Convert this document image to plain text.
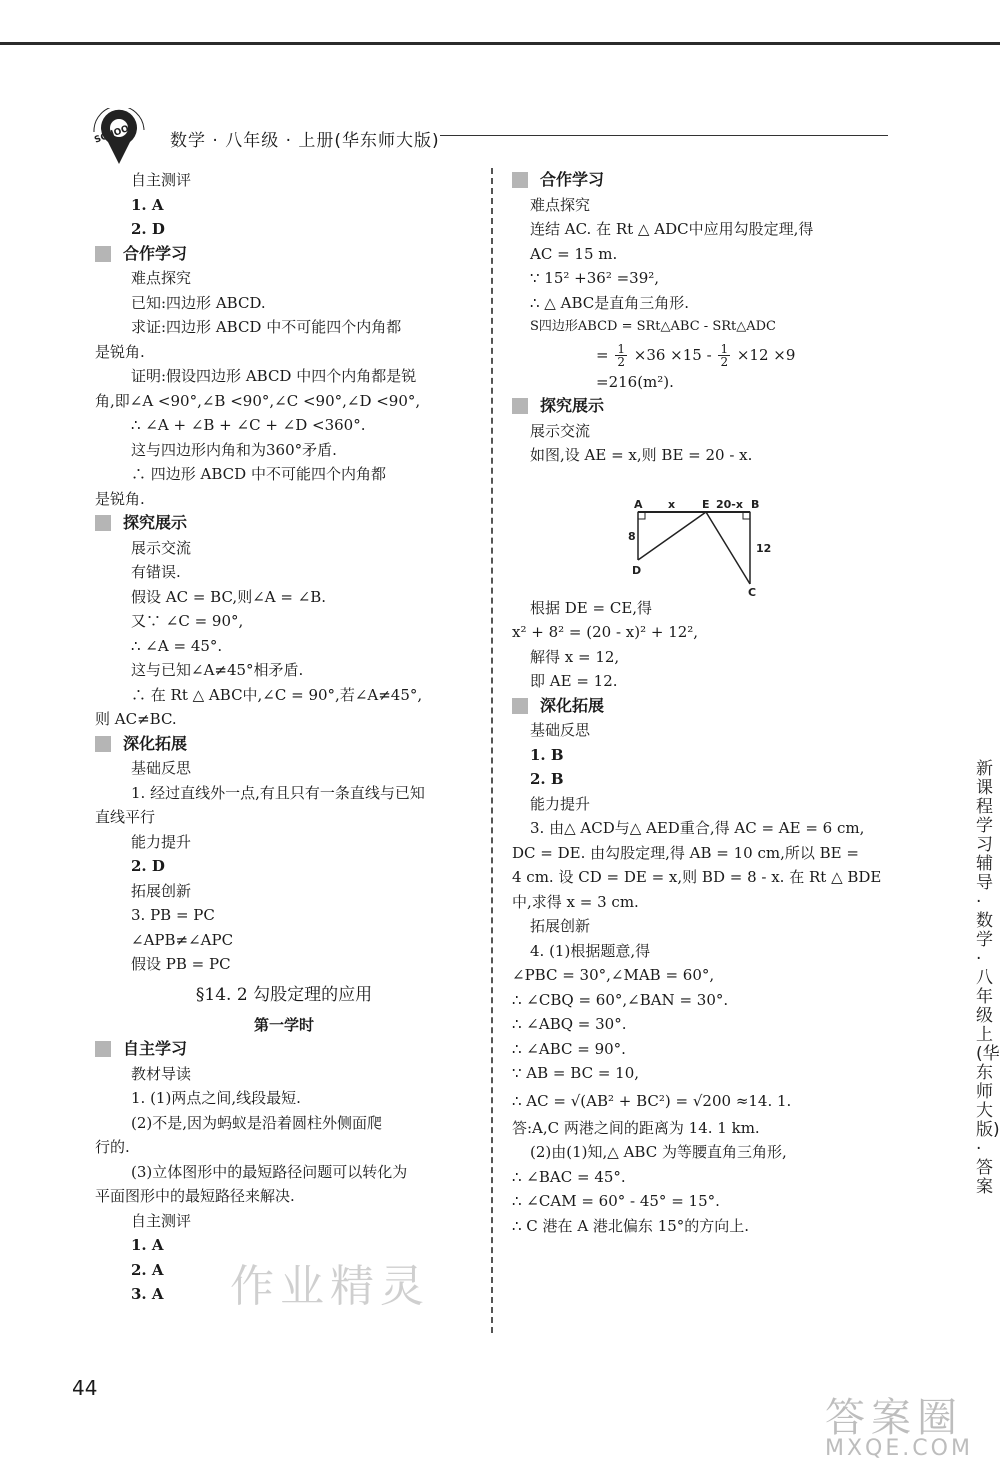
SCHOOL 数学 · 八年级 · 上册(华东师大版)
自主测评
1. A
2. D
合作学习
难点探究
已知:四边形 ABCD.
求证:四边形 ABCD 中不可能四个内角都
是锐角.
证明:假设四边形 ABCD 中四个内角都是锐
角,即∠A <90°,∠B <90°,∠C <90°,∠D <90°,
∴ ∠A + ∠B + ∠C + ∠D <360°.
这与四边形内角和为360°矛盾.
∴ 四边形 ABCD 中不可能四个内角都
是锐角.
探究展示
展示交流
有错误.
假设 AC = BC,则∠A = ∠B.
又∵ ∠C = 90°,
∴ ∠A = 45°.
这与已知∠A≠45°相矛盾.
∴ 在 Rt △ ABC中,∠C = 90°,若∠A≠45°,
则 AC≠BC.
深化拓展
基础反思
1. 经过直线外一点,有且只有一条直线与已知
直线平行
能力提升
2. D
拓展创新
3. PB = PC
∠APB≠∠APC
假设 PB = PC
§14. 2 勾股定理的应用
第一学时
自主学习
教材导读
1. (1)两点之间,线段最短.
(2)不是,因为蚂蚁是沿着圆柱外侧面爬
行的.
(3)立体图形中的最短路径问题可以转化为
平面图形中的最短路径来解决.
自主测评
1. A
2. A
3. A
合作学习
难点探究
连结 AC. 在 Rt △ ADC中应用勾股定理,得
AC = 15 m.
∵ 15² +36² =39²,
∴ △ ABC是直角三角形.
S四边形ABCD = SRt△ABC - SRt△ADC
= $\frac{1}{2} \times 36 \times 15 - \frac{1}{2} \times 12 \times 9$
=216(m²).
探究展示
展示交流
如图,设 AE = x,则 BE = 20 - x.
根据 DE = CE,得
x² + 8² = (20 - x)² + 12²,
解得 x = 12,
即 AE = 12.
深化拓展
基础反思
1. B
2. B
能力提升
3. 由△ ACD与△ AED重合,得 AC = AE = 6 cm,
DC = DE. 由勾股定理,得 AB = 10 cm,所以 BE =
4 cm. 设 CD = DE = x,则 BD = 8 - x. 在 Rt △ BDE
中,求得 x = 3 cm.
拓展创新
4. (1)根据题意,得
∠PBC = 30°,∠MAB = 60°,
∴ ∠CBQ = 60°,∠BAN = 30°.
∴ ∠ABQ = 30°.
∴ ∠ABC = 90°.
∵ AB = BC = 10,
∴ AC = √(AB² + BC²) = √200 ≈14. 1.
答:A,C 两港之间的距离为 14. 1 km.
(2)由(1)知,△ ABC 为等腰直角三角形,
∴ ∠BAC = 45°.
∴ ∠CAM = 60° - 45° = 15°.
∴ C 港在 A 港北偏东 15°的方向上.
A x E 20-x B
8
12
D
C
44
新课程学习辅导·数学·八年级上(华东师大版)·答案
作业精灵
答案圈
MXQE.COM
